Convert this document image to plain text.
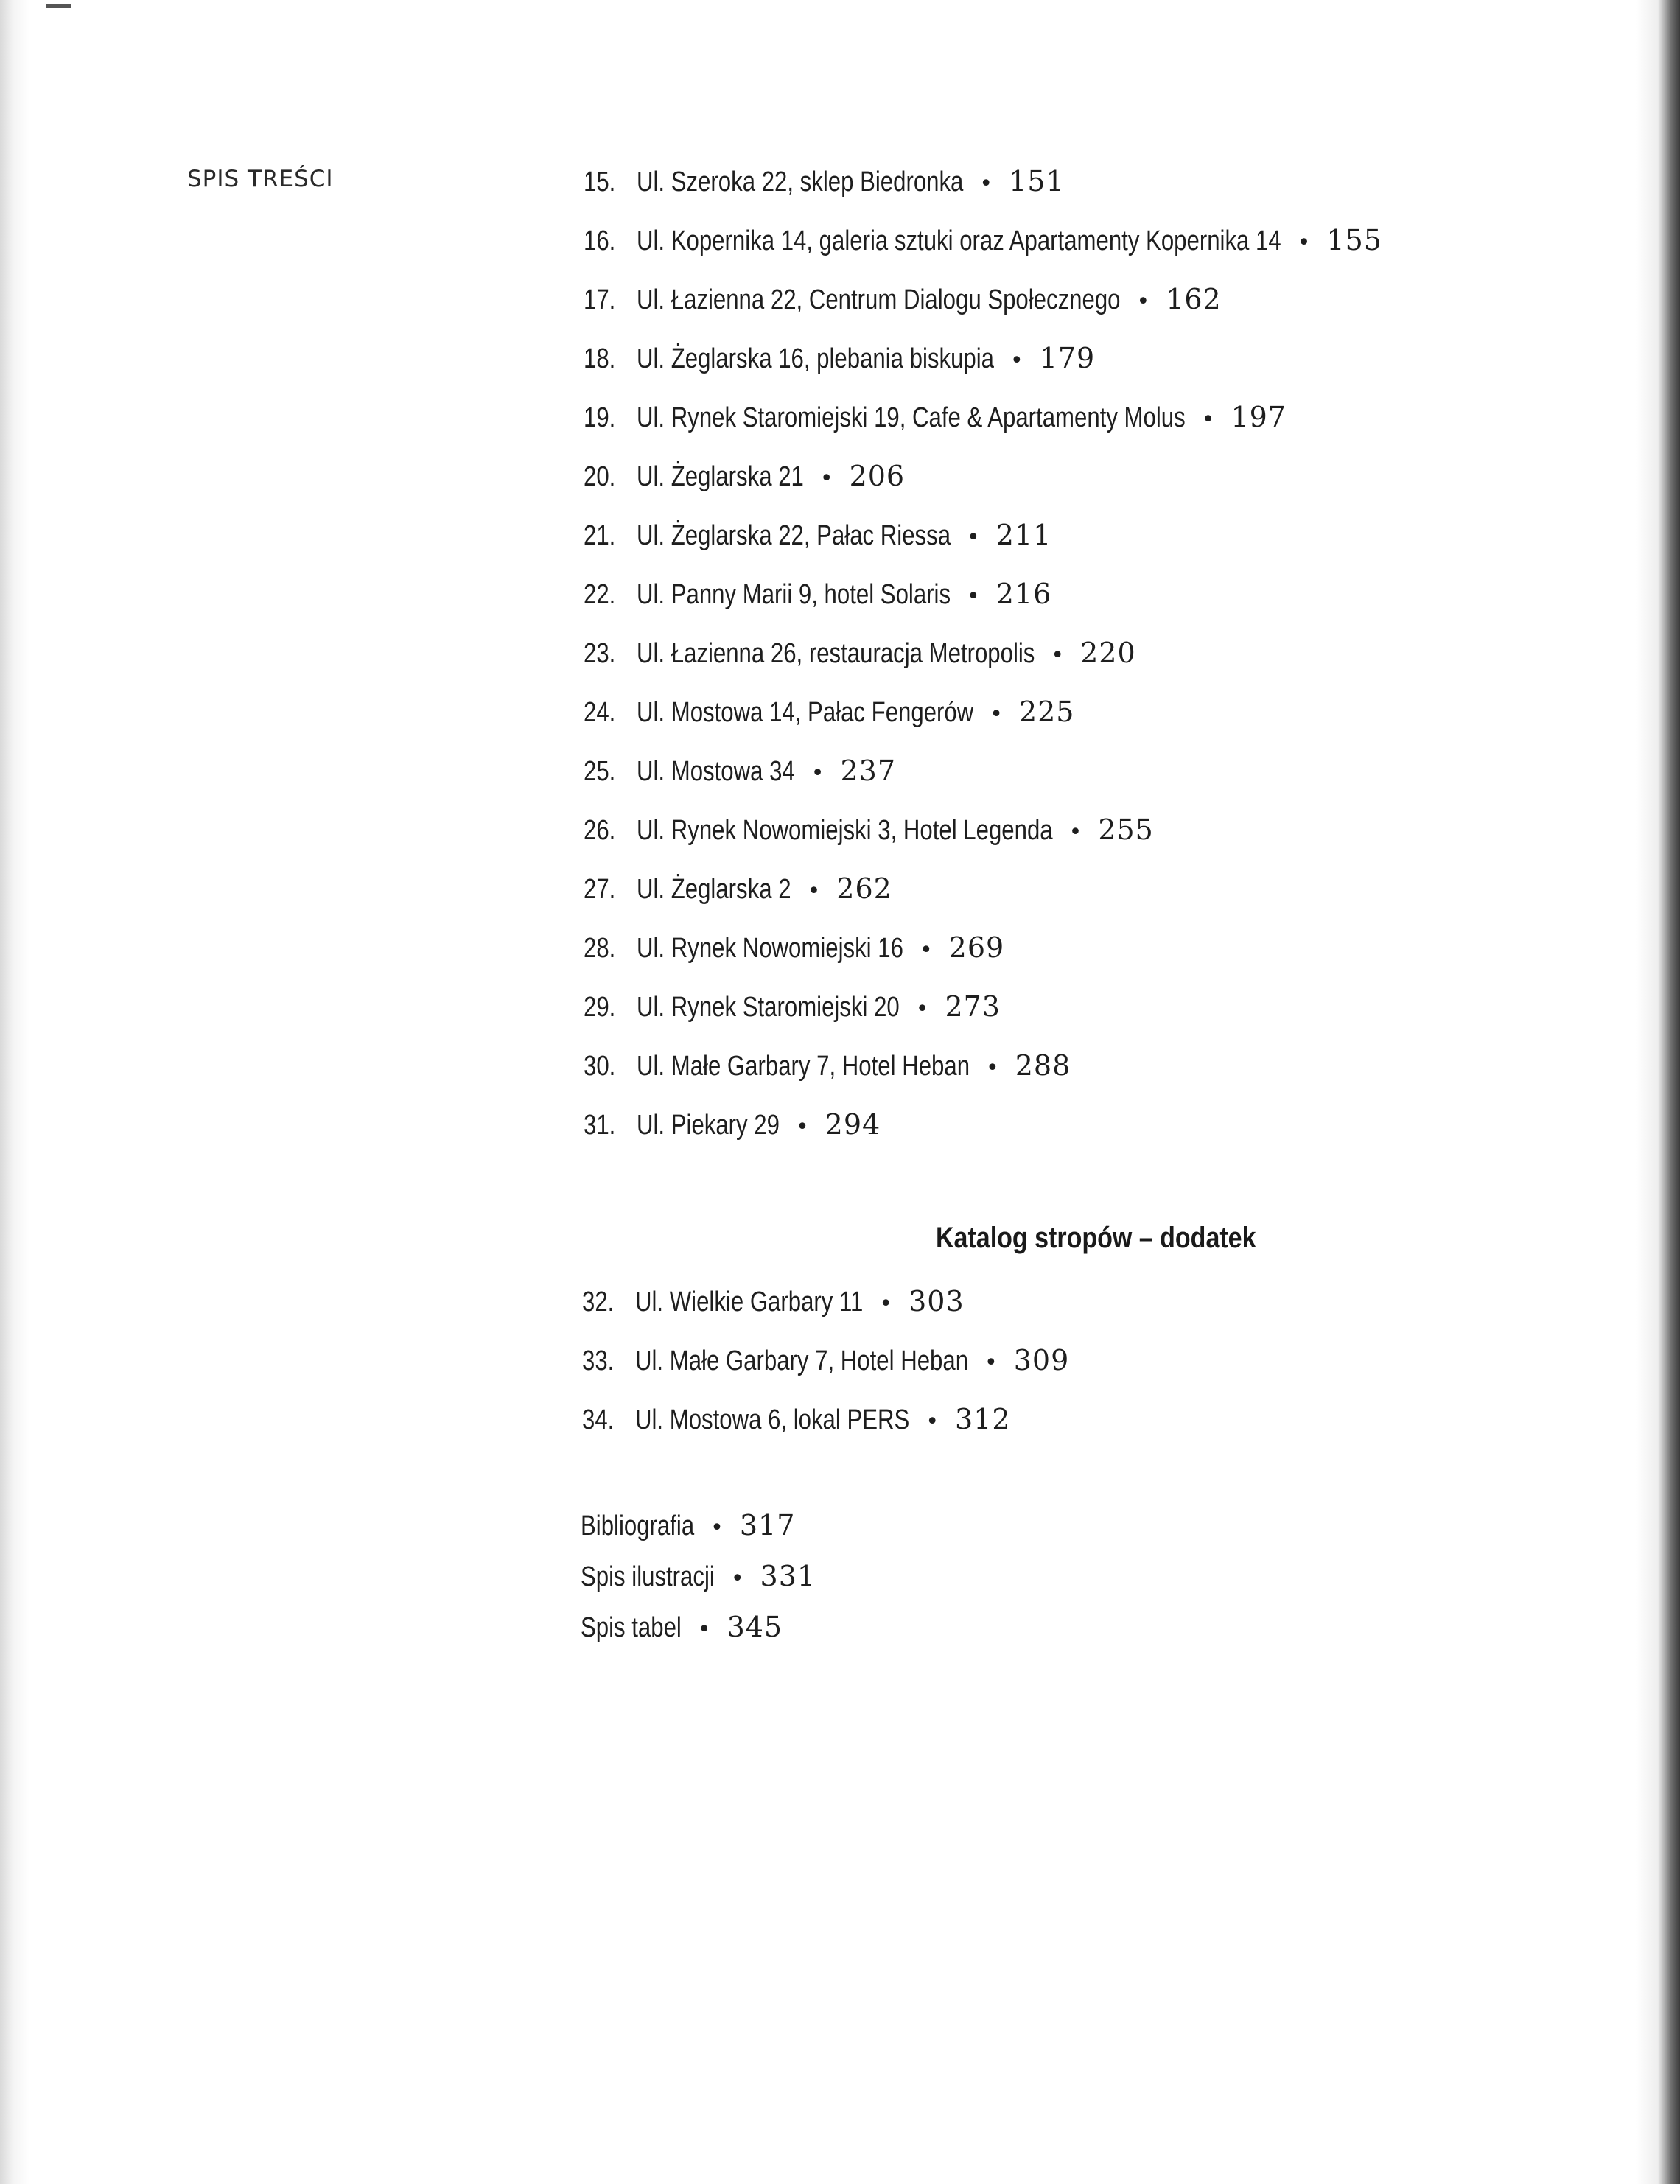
SPIS TREŚCI	15. Ul. Szeroka 22, sklep Biedronka • 151
16. Ul. Kopernika 14, galeria sztuki oraz Apartamenty Kopernika 14 • 155
17. Ul. Łazienna 22, Centrum Dialogu Społecznego • 162
18. Ul. Żeglarska 16, plebania biskupia • 179
19. Ul. Rynek Staromiejski 19, Cafe & Apartamenty Molus • 197
20. Ul. Żeglarska 21 • 206
21. Ul. Żeglarska 22, Pałac Riessa • 211
22. Ul. Panny Marii 9, hotel Solaris • 216
23. Ul. Łazienna 26, restauracja Metropolis • 220
24. Ul. Mostowa 14, Pałac Fengerów • 225
25. Ul. Mostowa 34 • 237
26. Ul. Rynek Nowomiejski 3, Hotel Legenda • 255
27. Ul. Żeglarska 2 • 262
28. Ul. Rynek Nowomiejski 16 • 269
29. Ul. Rynek Staromiejski 20 • 273
30. Ul. Małe Garbary 7, Hotel Heban • 288
31. Ul. Piekary 29 • 294
Katalog stropów – dodatek
32. Ul. Wielkie Garbary 11 • 303
33. Ul. Małe Garbary 7, Hotel Heban • 309
34. Ul. Mostowa 6, lokal PERS • 312
Bibliografia • 317
Spis ilustracji • 331
Spis tabel • 345
